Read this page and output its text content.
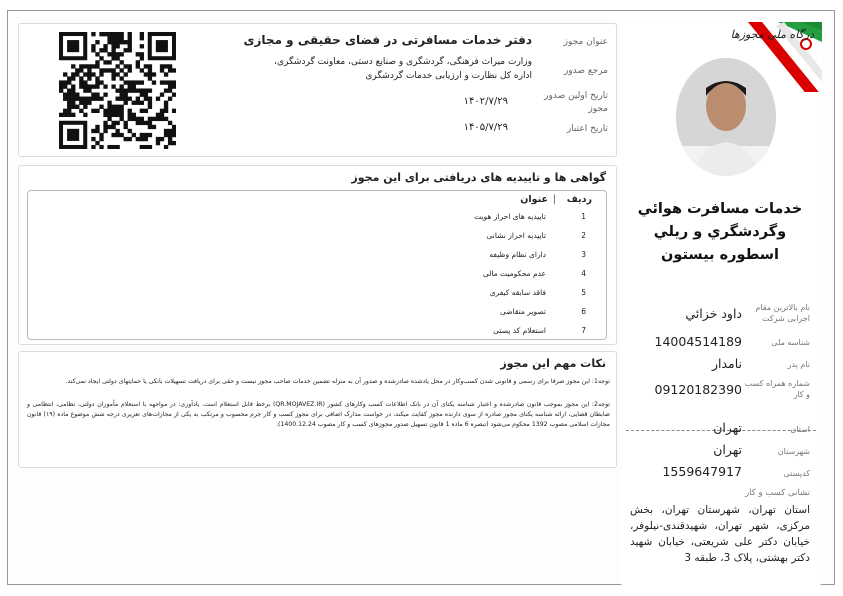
درگاه ملی مجوزها
خدمات مسافرت هوائي وگردشگري و ريلي اسطوره بيستون
نام بالاترین مقام اجرایی شرکت
داود خزائي
شناسه ملی
14004514189
نام پدر
نامدار
شماره همراه کسب و کار
09120182390
استان
تهران
شهرستان
تهران
کدپستی
1559647917
نشانی کسب و کار
استان تهران، شهرستان تهران، بخش مرکزی، شهر تهران، شهیدقندی-نیلوفر، خیابان دکتر علی شریعتی، خیابان شهید دکتر بهشتی، پلاک 3، طبقه 3
عنوان مجوز
دفتر خدمات مسافرتی در فضای حقیقی و مجازی
مرجع صدور
وزارت میراث فرهنگی، گردشگری و صنایع دستی، معاونت گردشگری،
اداره کل نظارت و ارزیابی خدمات گردشگری
تاریخ اولین صدور مجوز
۱۴۰۲/۷/۲۹
تاریخ اعتبار
۱۴۰۵/۷/۲۹
گواهی ها و تاییدیه های دریافتی برای این مجوز
ردیف
|
عنوان
1
تاییدیه های احراز هویت
2
تاییدیه احراز نشانی
3
دارای نظام وظیفه
4
عدم محکومیت مالی
5
فاقد سابقه کیفری
6
تصویر متقاضی
7
استعلام کد پستی
نکات مهم این مجوز
توجه1: این مجوز صرفا برای رسمی و قانونی شدن کسب‌وکار در محل یادشده صادرشده و صدور آن به منزله تضمین خدمات صاحب مجوز نیست و حقی برای دریافت تسهیلات بانکی یا حمایتهای دولتی ایجاد نمی‌کند.
توجه2: این مجوز بموجب قانون صادرشده و اعتبار شناسه یکتای آن در بانک اطلاعات کسب وکارهای کشور (QR.MOJAVEZ.IR) برخط قابل استعلام است. یادآوری: در مواجهه با استعلام مأموران دولتی، نظامی، انتظامی و ضابطان قضایی، ارائه شناسه یکتای مجوز صادره از سوی دارنده مجوز کفایت میکند، در خواست مدارک اضافی برای مجوز کسب و کار جرم محسوب و مرتکب به یکی از مجازات‌های تعزیری درجه شش موضوع ماده (۱۹) قانون مجازات اسلامی مصوب 1392 محکوم می‌شود (تبصره 6 ماده 1 قانون تسهیل صدور مجوزهای کسب و کار مصوب 1400.12.24).
